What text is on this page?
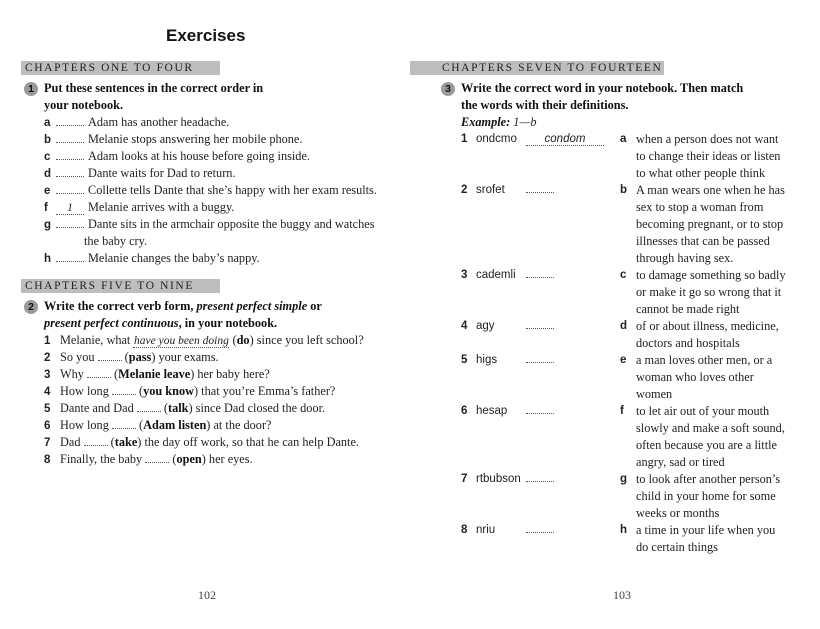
Exercises
CHAPTERS ONE TO FOUR
1 Put these sentences in the correct order in
your notebook.
a	Adam has another headache.
b	Melanie stops answering her mobile phone.
c	Adam looks at his house before going inside.
d	Dante waits for Dad to return.
e	Collette tells Dante that she’s happy with her exam results.
f 1 Melanie arrives with a buggy.
g	Dante sits in the armchair opposite the buggy and watches
the baby cry.
h	Melanie changes the baby’s nappy.
CHAPTERS FIVE TO NINE
2 Write the correct verb form, present perfect simple or
present perfect continuous, in your notebook.
1 Melanie, what have you been doing (do) since you left school?
2 So you  (pass) your exams.
3 Why  (Melanie leave) her baby here?
4 How long  (you know) that you’re Emma’s father?
5 Dante and Dad  (talk) since Dad closed the door.
6 How long  (Adam listen) at the door?
7 Dad  (take) the day off work, so that he can help Dante.
8 Finally, the baby  (open) her eyes.
102
CHAPTERS SEVEN TO FOURTEEN
3 Write the correct word in your notebook. Then match
the words with their definitions.
Example: 1—b
1 ondcmo condom	a when a person does not want
to change their ideas or listen
to what other people think
2 srofet	b A man wears one when he has
sex to stop a woman from
becoming pregnant, or to stop
illnesses that can be passed
through having sex.
3 cademli	c to damage something so badly
or make it go so wrong that it
cannot be made right
4 agy	d of or about illness, medicine,
doctors and hospitals
5 higs	e a man loves other men, or a
woman who loves other
women
6 hesap	f to let air out of your mouth
slowly and make a soft sound,
often because you are a little
angry, sad or tired
7 rtbubson	g to look after another person’s
child in your home for some
weeks or months
8 nriu	h a time in your life when you
do certain things
103
